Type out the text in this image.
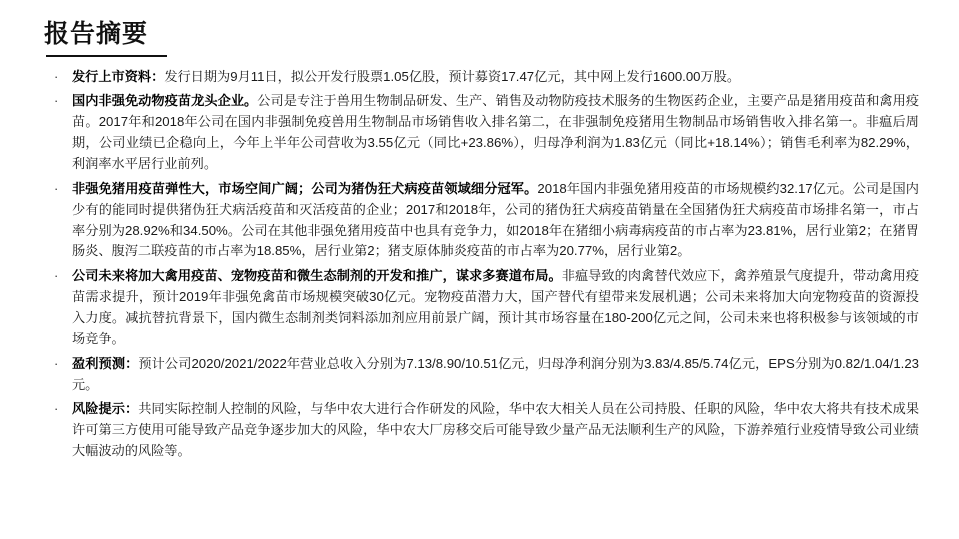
报告摘要
· 发行上市资料：发行日期为9月11日，拟公开发行股票1.05亿股，预计募资17.47亿元，其中网上发行1600.00万股。
· 国内非强免动物疫苗龙头企业。公司是专注于兽用生物制品研发、生产、销售及动物防疫技术服务的生物医药企业，主要产品是猪用疫苗和禽用疫苗。2017年和2018年公司在国内非强制免疫兽用生物制品市场销售收入排名第二，在非强制免疫猪用生物制品市场销售收入排名第一。非瘟后周期，公司业绩已企稳向上，今年上半年公司营收为3.55亿元（同比+23.86%），归母净利润为1.83亿元（同比+18.14%）；销售毛利率为82.29%，利润率水平居行业前列。
· 非强免猪用疫苗弹性大，市场空间广阔；公司为猪伪狂犬病疫苗领域细分冠军。2018年国内非强免猪用疫苗的市场规模约32.17亿元。公司是国内少有的能同时提供猪伪狂犬病活疫苗和灭活疫苗的企业；2017和2018年，公司的猪伪狂犬病疫苗销量在全国猪伪狂犬病疫苗市场排名第一，市占率分别为28.92%和34.50%。公司在其他非强免猪用疫苗中也具有竞争力，如2018年在猪细小病毒病疫苗的市占率为23.81%，居行业第2；在猪胃肠炎、腹泻二联疫苗的市占率为18.85%，居行业第2；猪支原体肺炎疫苗的市占率为20.77%，居行业第2。
· 公司未来将加大禽用疫苗、宠物疫苗和微生态制剂的开发和推广，谋求多赛道布局。非瘟导致的肉禽替代效应下，禽养殖景气度提升，带动禽用疫苗需求提升，预计2019年非强免禽苗市场规模突破30亿元。宠物疫苗潜力大，国产替代有望带来发展机遇；公司未来将加大向宠物疫苗的资源投入力度。减抗替抗背景下，国内微生态制剂类饲料添加剂应用前景广阔，预计其市场容量在180-200亿元之间，公司未来也将积极参与该领域的市场竞争。
· 盈利预测：预计公司2020/2021/2022年营业总收入分别为7.13/8.90/10.51亿元，归母净利润分别为3.83/4.85/5.74亿元，EPS分别为0.82/1.04/1.23元。
· 风险提示：共同实际控制人控制的风险，与华中农大进行合作研发的风险，华中农大相关人员在公司持股、任职的风险，华中农大将共有技术成果许可第三方使用可能导致产品竞争逐步加大的风险，华中农大厂房移交后可能导致少量产品无法顺利生产的风险，下游养殖行业疫情导致公司业绩大幅波动的风险等。
